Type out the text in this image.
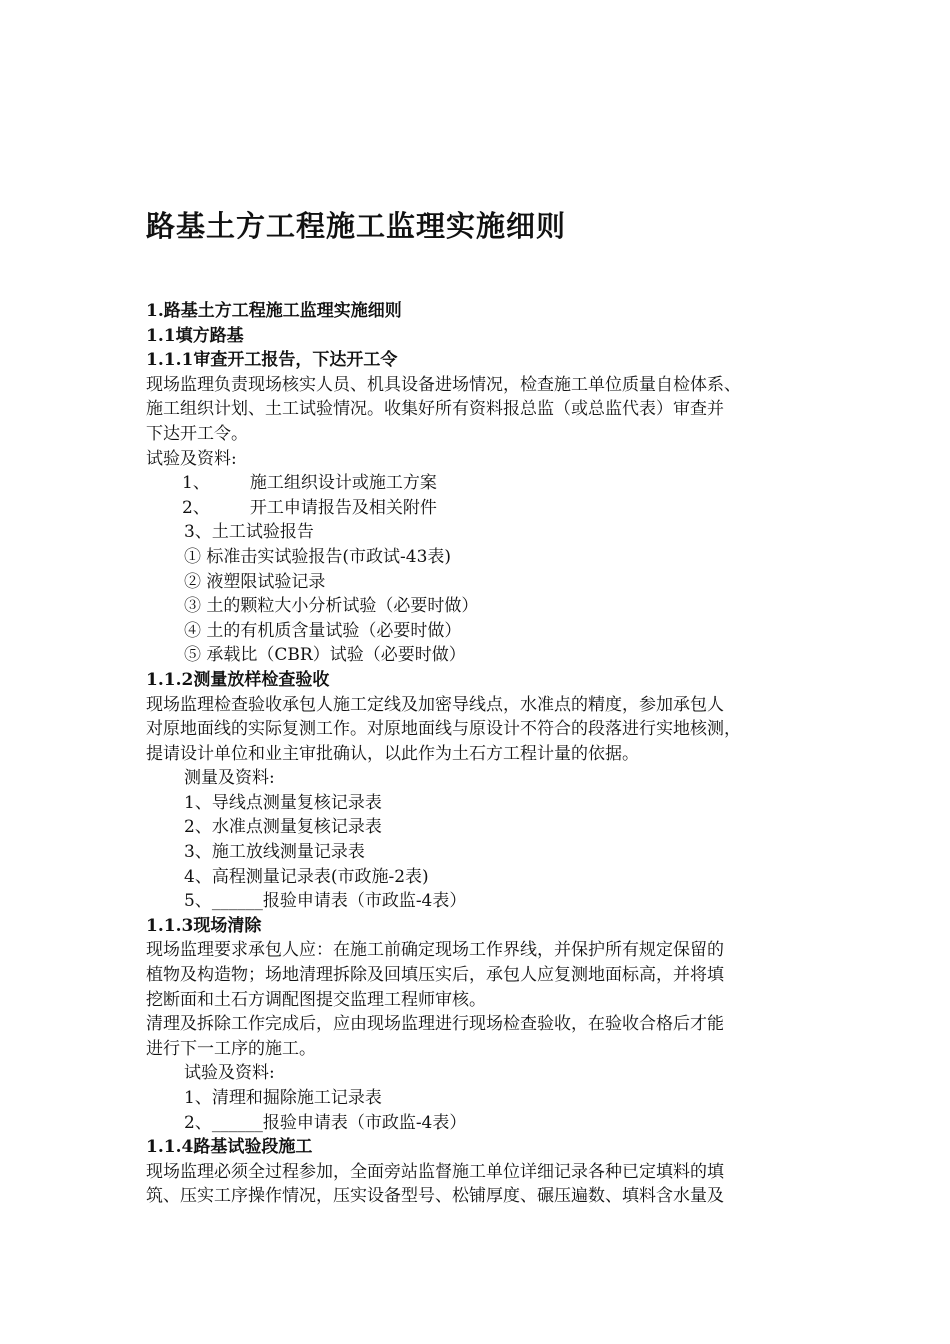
路基土方工程施工监理实施细则

1.路基土方工程施工监理实施细则

1.1填方路基

1.1.1审查开工报告，下达开工令

现场监理负责现场核实人员、机具设备进场情况，检查施工单位质量自检体系、

施工组织计划、土工试验情况。收集好所有资料报总监（或总监代表）审查并

下达开工令。

试验及资料:

1、 施工组织设计或施工方案

2、 开工申请报告及相关附件

3、土工试验报告

① 标准击实试验报告(市政试-43表)

② 液塑限试验记录

③ 土的颗粒大小分析试验（必要时做）

④ 土的有机质含量试验（必要时做）

⑤ 承载比（CBR）试验（必要时做）

1.1.2测量放样检查验收

现场监理检查验收承包人施工定线及加密导线点，水准点的精度，参加承包人

对原地面线的实际复测工作。对原地面线与原设计不符合的段落进行实地核测，

提请设计单位和业主审批确认，以此作为土石方工程计量的依据。

测量及资料:

1、导线点测量复核记录表

2、水准点测量复核记录表

3、施工放线测量记录表

4、高程测量记录表(市政施-2表)

5、______报验申请表（市政监-4表）

1.1.3现场清除

现场监理要求承包人应：在施工前确定现场工作界线，并保护所有规定保留的

植物及构造物；场地清理拆除及回填压实后，承包人应复测地面标高，并将填

挖断面和土石方调配图提交监理工程师审核。

清理及拆除工作完成后，应由现场监理进行现场检查验收，在验收合格后才能

进行下一工序的施工。

试验及资料:

1、清理和掘除施工记录表

2、______报验申请表（市政监-4表）

1.1.4路基试验段施工

现场监理必须全过程参加，全面旁站监督施工单位详细记录各种已定填料的填

筑、压实工序操作情况，压实设备型号、松铺厚度、碾压遍数、填料含水量及
